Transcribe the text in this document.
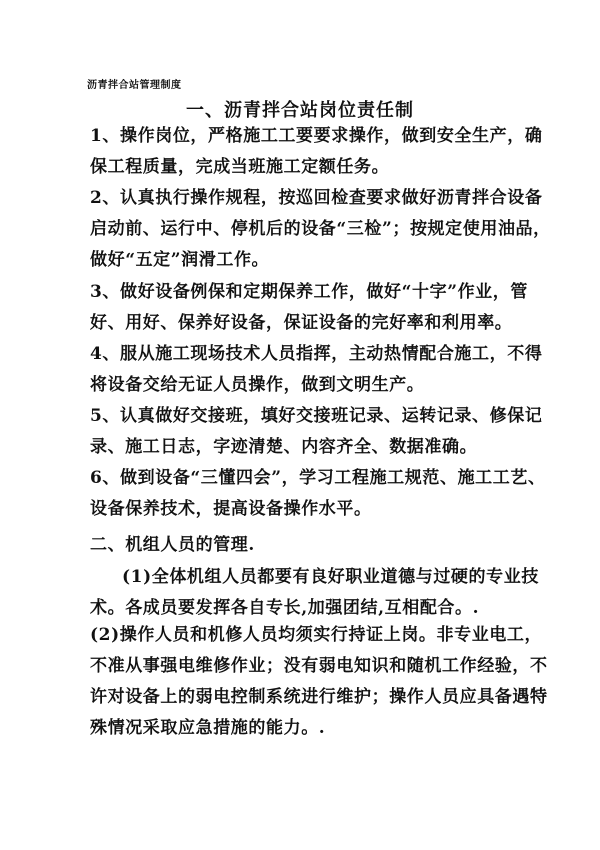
沥青拌合站管理制度
一、沥青拌合站岗位责任制
1、操作岗位，严格施工工要要求操作，做到安全生产，确
保工程质量，完成当班施工定额任务。
2、认真执行操作规程，按巡回检查要求做好沥青拌合设备
启动前、运行中、停机后的设备“三检”；按规定使用油品，
做好“五定”润滑工作。
3、做好设备例保和定期保养工作，做好“十字”作业，管
好、用好、保养好设备，保证设备的完好率和利用率。
4、服从施工现场技术人员指挥，主动热情配合施工，不得
将设备交给无证人员操作，做到文明生产。
5、认真做好交接班，填好交接班记录、运转记录、修保记
录、施工日志，字迹清楚、内容齐全、数据准确。
6、做到设备“三懂四会”，学习工程施工规范、施工工艺、
设备保养技术，提高设备操作水平。
二、机组人员的管理.
(1)全体机组人员都要有良好职业道德与过硬的专业技
术。各成员要发挥各自专长,加强团结,互相配合。.
(2)操作人员和机修人员均须实行持证上岗。非专业电工，
不准从事强电维修作业；没有弱电知识和随机工作经验，不
许对设备上的弱电控制系统进行维护；操作人员应具备遇特
殊情况采取应急措施的能力。.
